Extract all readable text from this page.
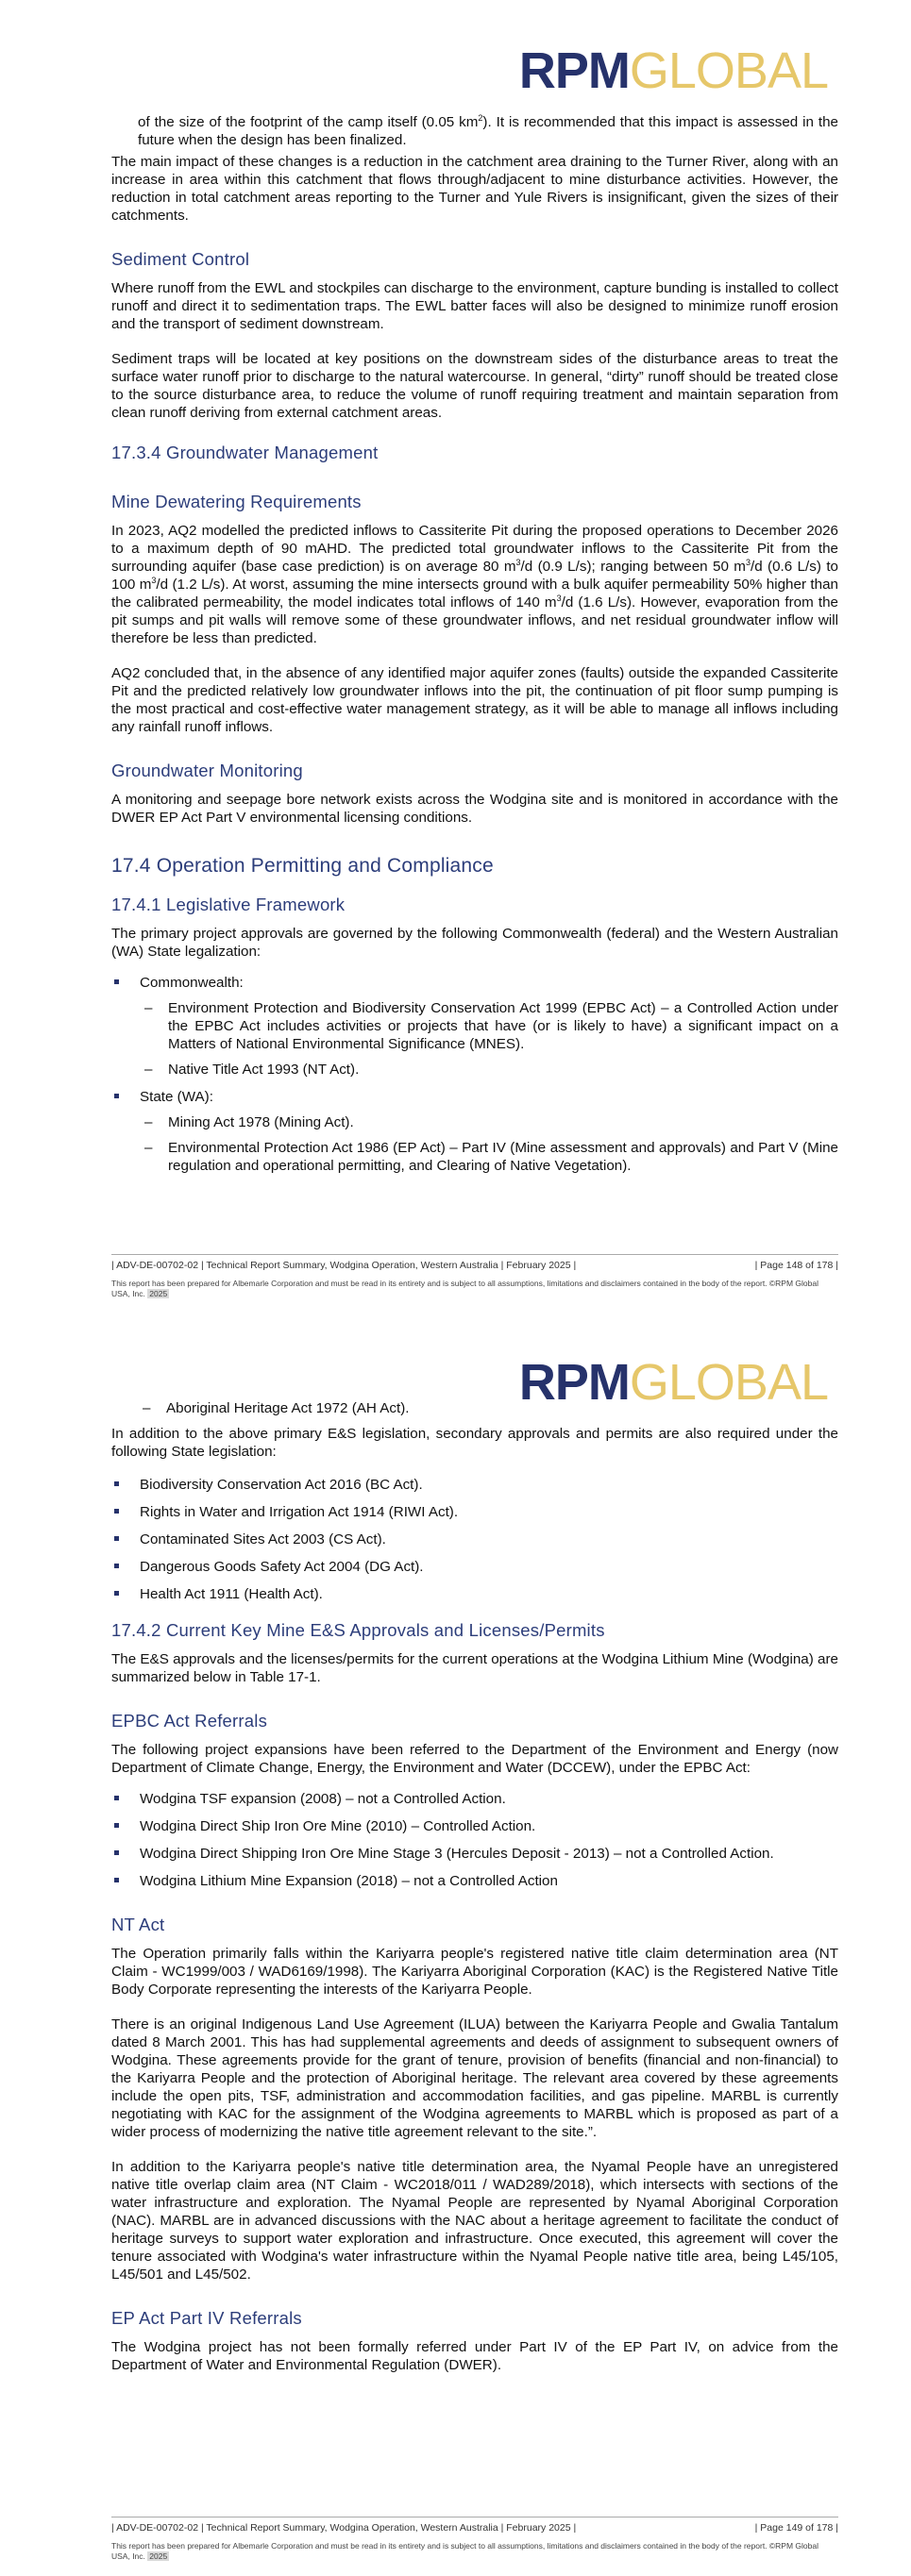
RPMGLOBAL

of the size of the footprint of the camp itself (0.05 $km^2$). It is recommended that this impact is assessed in the future when the design has been finalized.

The main impact of these changes is a reduction in the catchment area draining to the Turner River, along with an increase in area within this catchment that flows through/adjacent to mine disturbance activities. However, the reduction in total catchment areas reporting to the Turner and Yule Rivers is insignificant, given the sizes of their catchments.

Sediment Control

Where runoff from the EWL and stockpiles can discharge to the environment, capture bunding is installed to collect runoff and direct it to sedimentation traps. The EWL batter faces will also be designed to minimize runoff erosion and the transport of sediment downstream.

Sediment traps will be located at key positions on the downstream sides of the disturbance areas to treat the surface water runoff prior to discharge to the natural watercourse. In general, “dirty” runoff should be treated close to the source disturbance area, to reduce the volume of runoff requiring treatment and maintain separation from clean runoff deriving from external catchment areas.

17.3.4 Groundwater Management
Mine Dewatering Requirements

In 2023, AQ2 modelled the predicted inflows to Cassiterite Pit during the proposed operations to December 2026 to a maximum depth of 90 mAHD. The predicted total groundwater inflows to the Cassiterite Pit from the surrounding aquifer (base case prediction) is on average 80 $m^3/d$ (0.9 L/s); ranging between 50 $m^3/d$ (0.6 L/s) to 100 $m^3/d$ (1.2 L/s). At worst, assuming the mine intersects ground with a bulk aquifer permeability 50% higher than the calibrated permeability, the model indicates total inflows of 140 $m^3/d$ (1.6 L/s). However, evaporation from the pit sumps and pit walls will remove some of these groundwater inflows, and net residual groundwater inflow will therefore be less than predicted.

AQ2 concluded that, in the absence of any identified major aquifer zones (faults) outside the expanded Cassiterite Pit and the predicted relatively low groundwater inflows into the pit, the continuation of pit floor sump pumping is the most practical and cost-effective water management strategy, as it will be able to manage all inflows including any rainfall runoff inflows.

Groundwater Monitoring

A monitoring and seepage bore network exists across the Wodgina site and is monitored in accordance with the DWER EP Act Part V environmental licensing conditions.

17.4 Operation Permitting and Compliance
17.4.1 Legislative Framework

The primary project approvals are governed by the following Commonwealth (federal) and the Western Australian (WA) State legalization:

Commonwealth:
– Environment Protection and Biodiversity Conservation Act 1999 (EPBC Act) – a Controlled Action under the EPBC Act includes activities or projects that have (or is likely to have) a significant impact on a Matters of National Environmental Significance (MNES).
– Native Title Act 1993 (NT Act).
State (WA):
– Mining Act 1978 (Mining Act).
– Environmental Protection Act 1986 (EP Act) – Part IV (Mine assessment and approvals) and Part V (Mine regulation and operational permitting, and Clearing of Native Vegetation).
| ADV-DE-00702-02 | Technical Report Summary, Wodgina Operation, Western Australia | February 2025 |	| Page 148 of 178 |
This report has been prepared for Albemarle Corporation and must be read in its entirety and is subject to all assumptions, limitations and disclaimers contained in the body of the report. ©RPM Global USA, Inc. 2025
RPMGLOBAL
– Aboriginal Heritage Act 1972 (AH Act).

In addition to the above primary E&S legislation, secondary approvals and permits are also required under the following State legislation:

Biodiversity Conservation Act 2016 (BC Act).
Rights in Water and Irrigation Act 1914 (RIWI Act).
Contaminated Sites Act 2003 (CS Act).
Dangerous Goods Safety Act 2004 (DG Act).
Health Act 1911 (Health Act).
17.4.2 Current Key Mine E&S Approvals and Licenses/Permits

The E&S approvals and the licenses/permits for the current operations at the Wodgina Lithium Mine (Wodgina) are summarized below in Table 17-1.

EPBC Act Referrals

The following project expansions have been referred to the Department of the Environment and Energy (now Department of Climate Change, Energy, the Environment and Water (DCCEW), under the EPBC Act:

Wodgina TSF expansion (2008) – not a Controlled Action.
Wodgina Direct Ship Iron Ore Mine (2010) – Controlled Action.
Wodgina Direct Shipping Iron Ore Mine Stage 3 (Hercules Deposit - 2013) – not a Controlled Action.
Wodgina Lithium Mine Expansion (2018) – not a Controlled Action
NT Act

The Operation primarily falls within the Kariyarra people's registered native title claim determination area (NT Claim - WC1999/003 / WAD6169/1998). The Kariyarra Aboriginal Corporation (KAC) is the Registered Native Title Body Corporate representing the interests of the Kariyarra People.

There is an original Indigenous Land Use Agreement (ILUA) between the Kariyarra People and Gwalia Tantalum dated 8 March 2001. This has had supplemental agreements and deeds of assignment to subsequent owners of Wodgina. These agreements provide for the grant of tenure, provision of benefits (financial and non-financial) to the Kariyarra People and the protection of Aboriginal heritage. The relevant area covered by these agreements include the open pits, TSF, administration and accommodation facilities, and gas pipeline. MARBL is currently negotiating with KAC for the assignment of the Wodgina agreements to MARBL which is proposed as part of a wider process of modernizing the native title agreement relevant to the site.”.

In addition to the Kariyarra people's native title determination area, the Nyamal People have an unregistered native title overlap claim area (NT Claim - WC2018/011 / WAD289/2018), which intersects with sections of the water infrastructure and exploration. The Nyamal People are represented by Nyamal Aboriginal Corporation (NAC). MARBL are in advanced discussions with the NAC about a heritage agreement to facilitate the conduct of heritage surveys to support water exploration and infrastructure. Once executed, this agreement will cover the tenure associated with Wodgina's water infrastructure within the Nyamal People native title area, being L45/105, L45/501 and L45/502.

EP Act Part IV Referrals

The Wodgina project has not been formally referred under Part IV of the EP Part IV, on advice from the Department of Water and Environmental Regulation (DWER).

| ADV-DE-00702-02 | Technical Report Summary, Wodgina Operation, Western Australia | February 2025 |	| Page 149 of 178 |
This report has been prepared for Albemarle Corporation and must be read in its entirety and is subject to all assumptions, limitations and disclaimers contained in the body of the report. ©RPM Global USA, Inc. 2025
